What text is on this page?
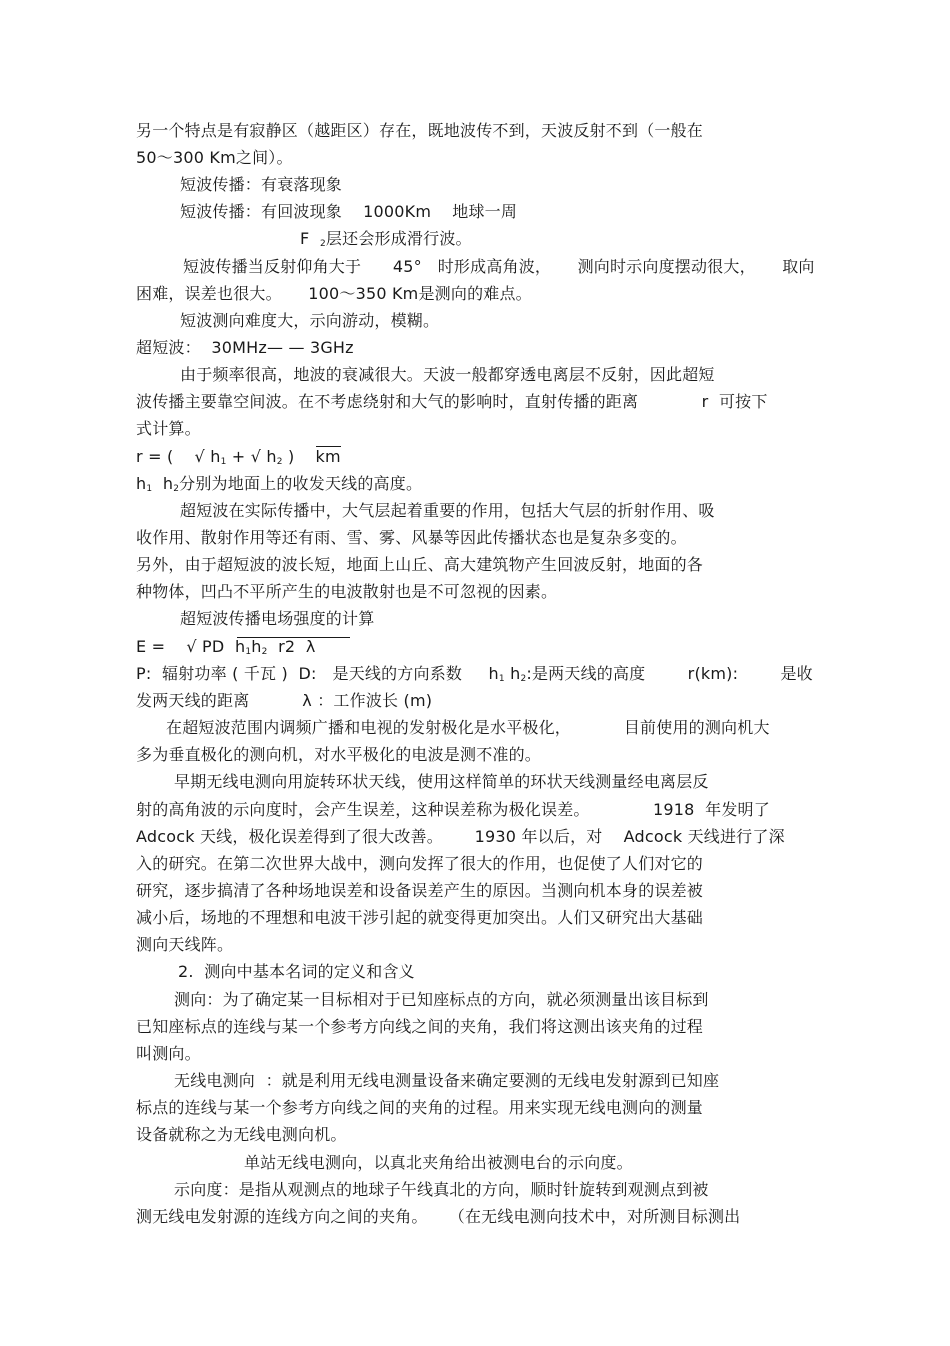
另一个特点是有寂静区（越距区）存在，既地波传不到，天波反射不到（一般在
50～300 Km之间）。
短波传播：有衰落现象
短波传播：有回波现象    1000Km    地球一周
F $_2$层还会形成滑行波。
短波传播当反射仰角大于      45°   时形成高角波，     测向时示向度摆动很大，     取向
困难，误差也很大。     100～350 Km是测向的难点。
短波测向难度大，示向游动，模糊。
超短波：  30MHz— — 3GHz
由于频率很高，地波的衰减很大。天波一般都穿透电离层不反射，因此超短
波传播主要靠空间波。在不考虑绕射和大气的影响时，直射传播的距离            r  可按下
式计算。
r = (    √ $h_1$ + √ $h_2$ )    km
$h_1$  $h_2$分别为地面上的收发天线的高度。
超短波在实际传播中，大气层起着重要的作用，包括大气层的折射作用、吸
收作用、散射作用等还有雨、雪、雾、风暴等因此传播状态也是复杂多变的。
另外，由于超短波的波长短，地面上山丘、高大建筑物产生回波反射，地面的各
种物体，凹凸不平所产生的电波散射也是不可忽视的因素。
超短波传播电场强度的计算
E =    √ PD  $h_1h_2$  r2  λ
P:  辐射功率 ( 千瓦 )  D:   是天线的方向系数     $h_1$ $h_2$:是两天线的高度        r(km):        是收
发两天线的距离          λ ：工作波长 (m)
在超短波范围内调频广播和电视的发射极化是水平极化，          目前使用的测向机大
多为垂直极化的测向机，对水平极化的电波是测不准的。
早期无线电测向用旋转环状天线，使用这样简单的环状天线测量经电离层反
射的高角波的示向度时，会产生误差，这种误差称为极化误差。            1918  年发明了
Adcock 天线，极化误差得到了很大改善。      1930 年以后，对    Adcock 天线进行了深
入的研究。在第二次世界大战中，测向发挥了很大的作用，也促使了人们对它的
研究，逐步搞清了各种场地误差和设备误差产生的原因。当测向机本身的误差被
减小后，场地的不理想和电波干涉引起的就变得更加突出。人们又研究出大基础
测向天线阵。
2.  测向中基本名词的定义和含义
测向：为了确定某一目标相对于已知座标点的方向，就必须测量出该目标到
已知座标点的连线与某一个参考方向线之间的夹角，我们将这测出该夹角的过程
叫测向。
无线电测向  ：就是利用无线电测量设备来确定要测的无线电发射源到已知座
标点的连线与某一个参考方向线之间的夹角的过程。用来实现无线电测向的测量
设备就称之为无线电测向机。
单站无线电测向，以真北夹角给出被测电台的示向度。
示向度：是指从观测点的地球子午线真北的方向，顺时针旋转到观测点到被
测无线电发射源的连线方向之间的夹角。    （在无线电测向技术中，对所测目标测出
